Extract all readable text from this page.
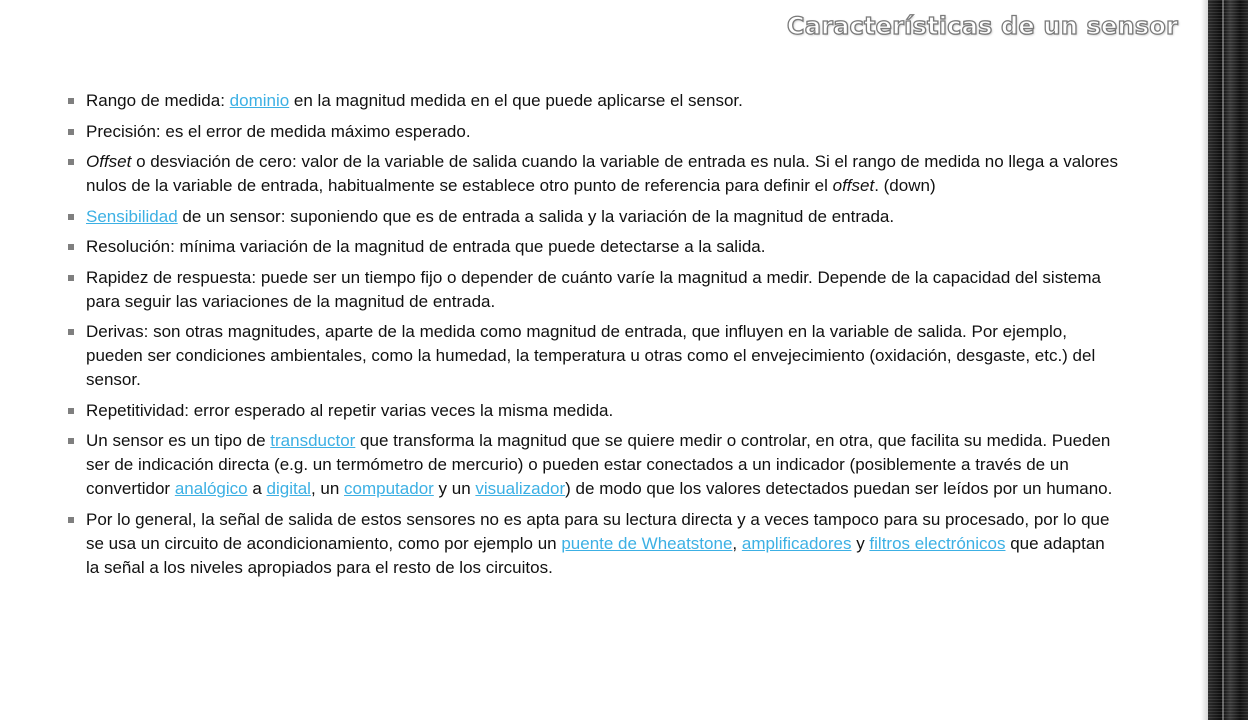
Características de un sensor
Rango de medida: dominio en la magnitud medida en el que puede aplicarse el sensor.
Precisión: es el error de medida máximo esperado.
Offset o desviación de cero: valor de la variable de salida cuando la variable de entrada es nula. Si el rango de medida no llega a valores nulos de la variable de entrada, habitualmente se establece otro punto de referencia para definir el offset. (down)
Sensibilidad de un sensor: suponiendo que es de entrada a salida y la variación de la magnitud de entrada.
Resolución: mínima variación de la magnitud de entrada que puede detectarse a la salida.
Rapidez de respuesta: puede ser un tiempo fijo o depender de cuánto varíe la magnitud a medir. Depende de la capacidad del sistema para seguir las variaciones de la magnitud de entrada.
Derivas: son otras magnitudes, aparte de la medida como magnitud de entrada, que influyen en la variable de salida. Por ejemplo, pueden ser condiciones ambientales, como la humedad, la temperatura u otras como el envejecimiento (oxidación, desgaste, etc.) del sensor.
Repetitividad: error esperado al repetir varias veces la misma medida.
Un sensor es un tipo de transductor que transforma la magnitud que se quiere medir o controlar, en otra, que facilita su medida. Pueden ser de indicación directa (e.g. un termómetro de mercurio) o pueden estar conectados a un indicador (posiblemente a través de un convertidor analógico a digital, un computador y un visualizador) de modo que los valores detectados puedan ser leídos por un humano.
Por lo general, la señal de salida de estos sensores no es apta para su lectura directa y a veces tampoco para su procesado, por lo que se usa un circuito de acondicionamiento, como por ejemplo un puente de Wheatstone, amplificadores y filtros electrónicos que adaptan la señal a los niveles apropiados para el resto de los circuitos.
